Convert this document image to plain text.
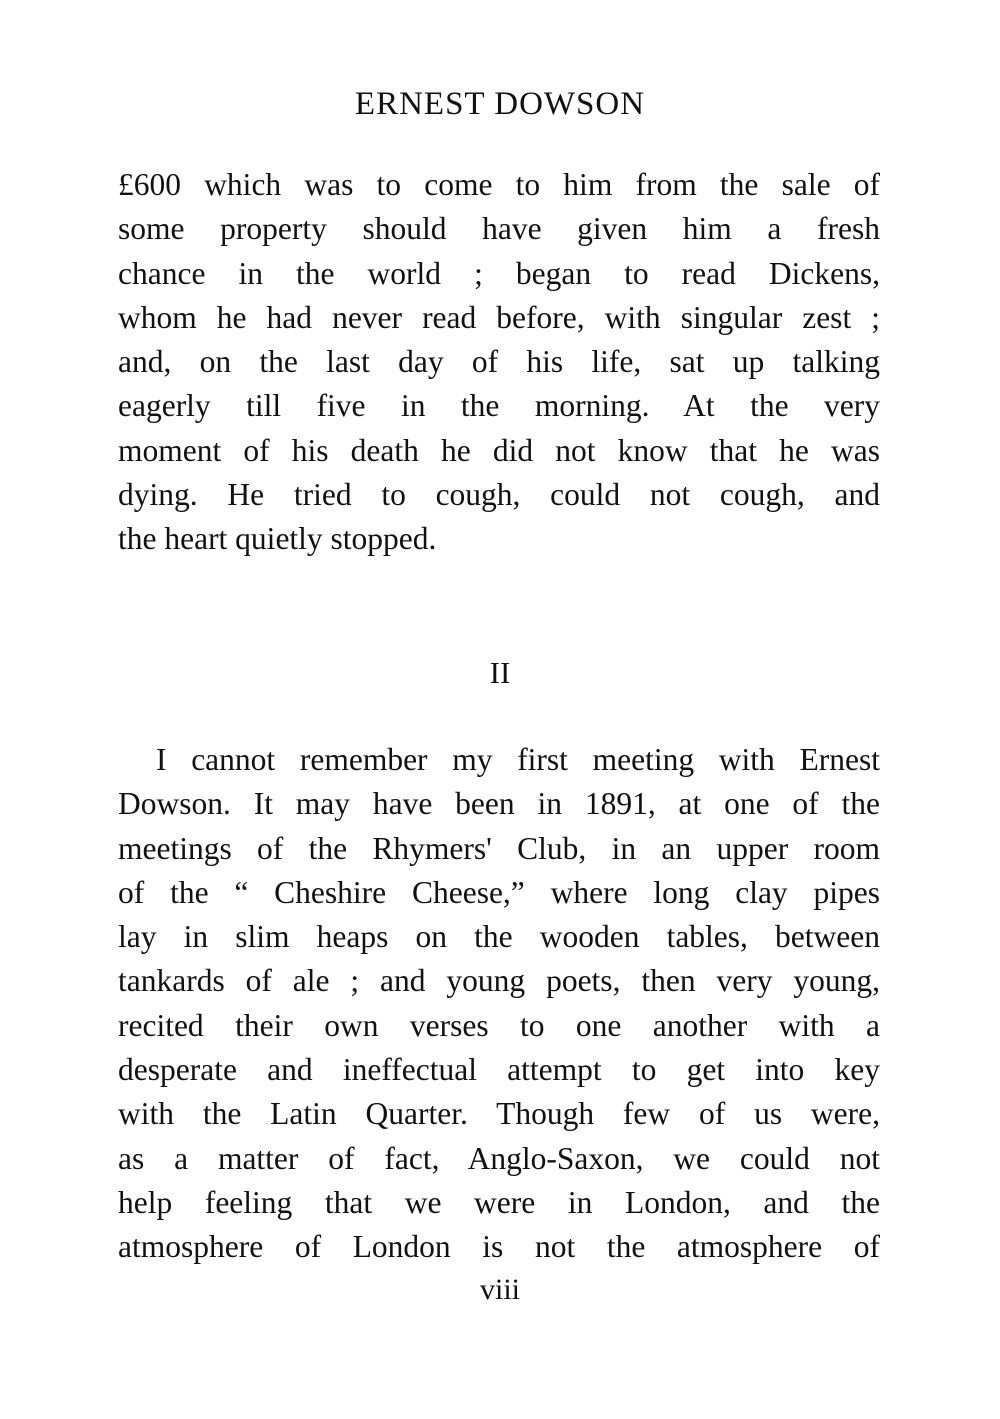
ERNEST DOWSON
£600 which was to come to him from the sale of
some property should have given him a fresh
chance in the world ; began to read Dickens,
whom he had never read before, with singular zest ;
and, on the last day of his life, sat up talking
eagerly till five in the morning. At the very
moment of his death he did not know that he was
dying. He tried to cough, could not cough, and
the heart quietly stopped.
II
I cannot remember my first meeting with Ernest
Dowson. It may have been in 1891, at one of the
meetings of the Rhymers' Club, in an upper room
of the “ Cheshire Cheese,” where long clay pipes
lay in slim heaps on the wooden tables, between
tankards of ale ; and young poets, then very young,
recited their own verses to one another with a
desperate and ineffectual attempt to get into key
with the Latin Quarter. Though few of us were,
as a matter of fact, Anglo-Saxon, we could not
help feeling that we were in London, and the
atmosphere of London is not the atmosphere of
viii
